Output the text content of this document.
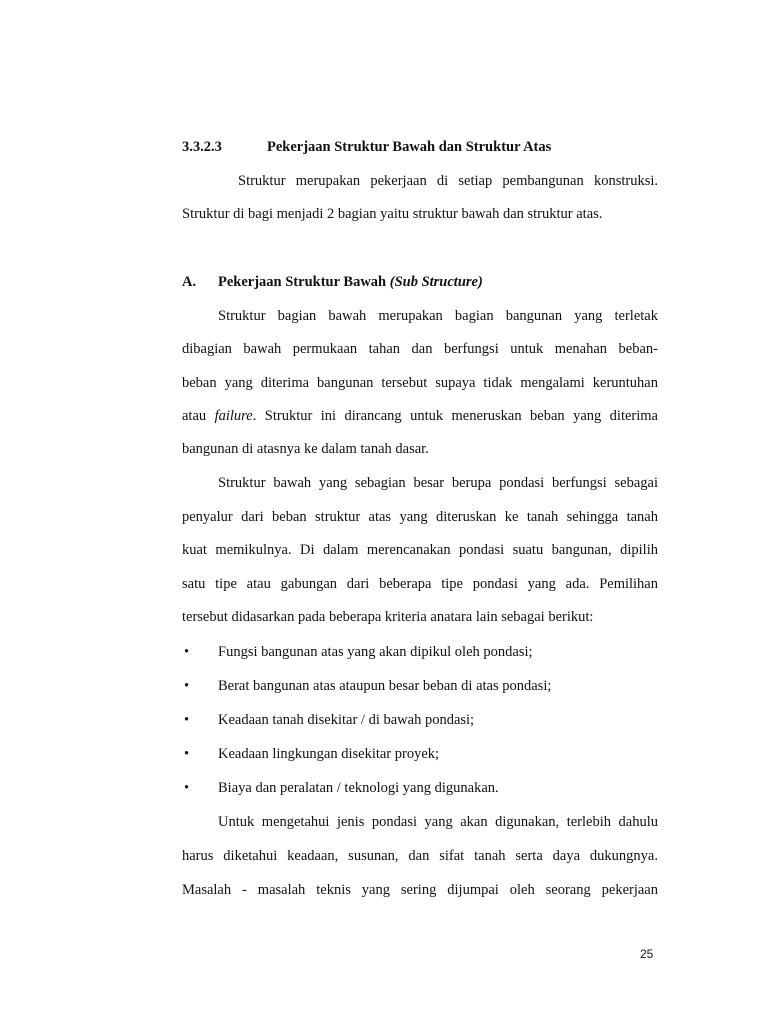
3.3.2.3	Pekerjaan Struktur Bawah dan Struktur Atas
Struktur merupakan pekerjaan di setiap pembangunan konstruksi.
Struktur di bagi menjadi 2 bagian yaitu struktur bawah dan struktur atas.
A. Pekerjaan Struktur Bawah (Sub Structure)
Struktur bagian bawah merupakan bagian bangunan yang terletak
dibagian bawah permukaan tahan dan berfungsi untuk menahan beban-
beban yang diterima bangunan tersebut supaya tidak mengalami keruntuhan
atau failure. Struktur ini dirancang untuk meneruskan beban yang diterima
bangunan di atasnya ke dalam tanah dasar.
Struktur bawah yang sebagian besar berupa pondasi berfungsi sebagai
penyalur dari beban struktur atas yang diteruskan ke tanah sehingga tanah
kuat memikulnya. Di dalam merencanakan pondasi suatu bangunan, dipilih
satu tipe atau gabungan dari beberapa tipe pondasi yang ada. Pemilihan
tersebut didasarkan pada beberapa kriteria anatara lain sebagai berikut:
• Fungsi bangunan atas yang akan dipikul oleh pondasi;
• Berat bangunan atas ataupun besar beban di atas pondasi;
• Keadaan tanah disekitar / di bawah pondasi;
• Keadaan lingkungan disekitar proyek;
• Biaya dan peralatan / teknologi yang digunakan.
Untuk mengetahui jenis pondasi yang akan digunakan, terlebih dahulu
harus diketahui keadaan, susunan, dan sifat tanah serta daya dukungnya.
Masalah - masalah teknis yang sering dijumpai oleh seorang pekerjaan
25
